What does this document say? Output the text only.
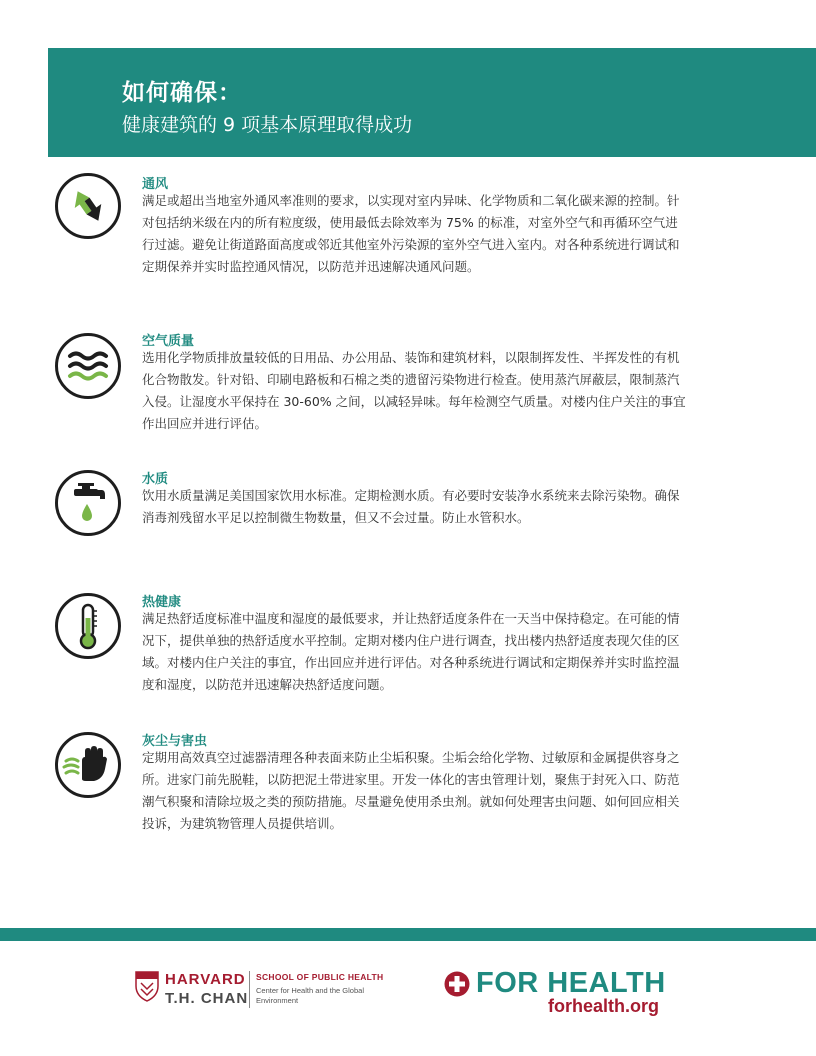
如何确保：
健康建筑的 9 项基本原理取得成功
通风

满足或超出当地室外通风率准则的要求，以实现对室内异味、化学物质和二氧化碳来源的控制。针对包括纳米级在内的所有粒度级，使用最低去除效率为 75% 的标准，对室外空气和再循环空气进行过滤。避免让街道路面高度或邻近其他室外污染源的室外空气进入室内。对各种系统进行调试和定期保养并实时监控通风情况，以防范并迅速解决通风问题。

空气质量

选用化学物质排放量较低的日用品、办公用品、装饰和建筑材料，以限制挥发性、半挥发性的有机化合物散发。针对铅、印刷电路板和石棉之类的遗留污染物进行检查。使用蒸汽屏蔽层，限制蒸汽入侵。让湿度水平保持在 30-60% 之间，以减轻异味。每年检测空气质量。对楼内住户关注的事宜作出回应并进行评估。

水质

饮用水质量满足美国国家饮用水标准。定期检测水质。有必要时安装净水系统来去除污染物。确保消毒剂残留水平足以控制微生物数量，但又不会过量。防止水管积水。

热健康

满足热舒适度标准中温度和湿度的最低要求，并让热舒适度条件在一天当中保持稳定。在可能的情况下，提供单独的热舒适度水平控制。定期对楼内住户进行调查，找出楼内热舒适度表现欠佳的区域。对楼内住户关注的事宜，作出回应并进行评估。对各种系统进行调试和定期保养并实时监控温度和湿度，以防范并迅速解决热舒适度问题。

灰尘与害虫

定期用高效真空过滤器清理各种表面来防止尘垢积聚。尘垢会给化学物、过敏原和金属提供容身之所。进家门前先脱鞋，以防把泥土带进家里。开发一体化的害虫管理计划，聚焦于封死入口、防范潮气积聚和清除垃圾之类的预防措施。尽量避免使用杀虫剂。就如何处理害虫问题、如何回应相关投诉，为建筑物管理人员提供培训。

HARVARD
T.H. CHAN
SCHOOL OF PUBLIC HEALTH
Center for Health and the Global Environment
FOR HEALTH
forhealth.org
